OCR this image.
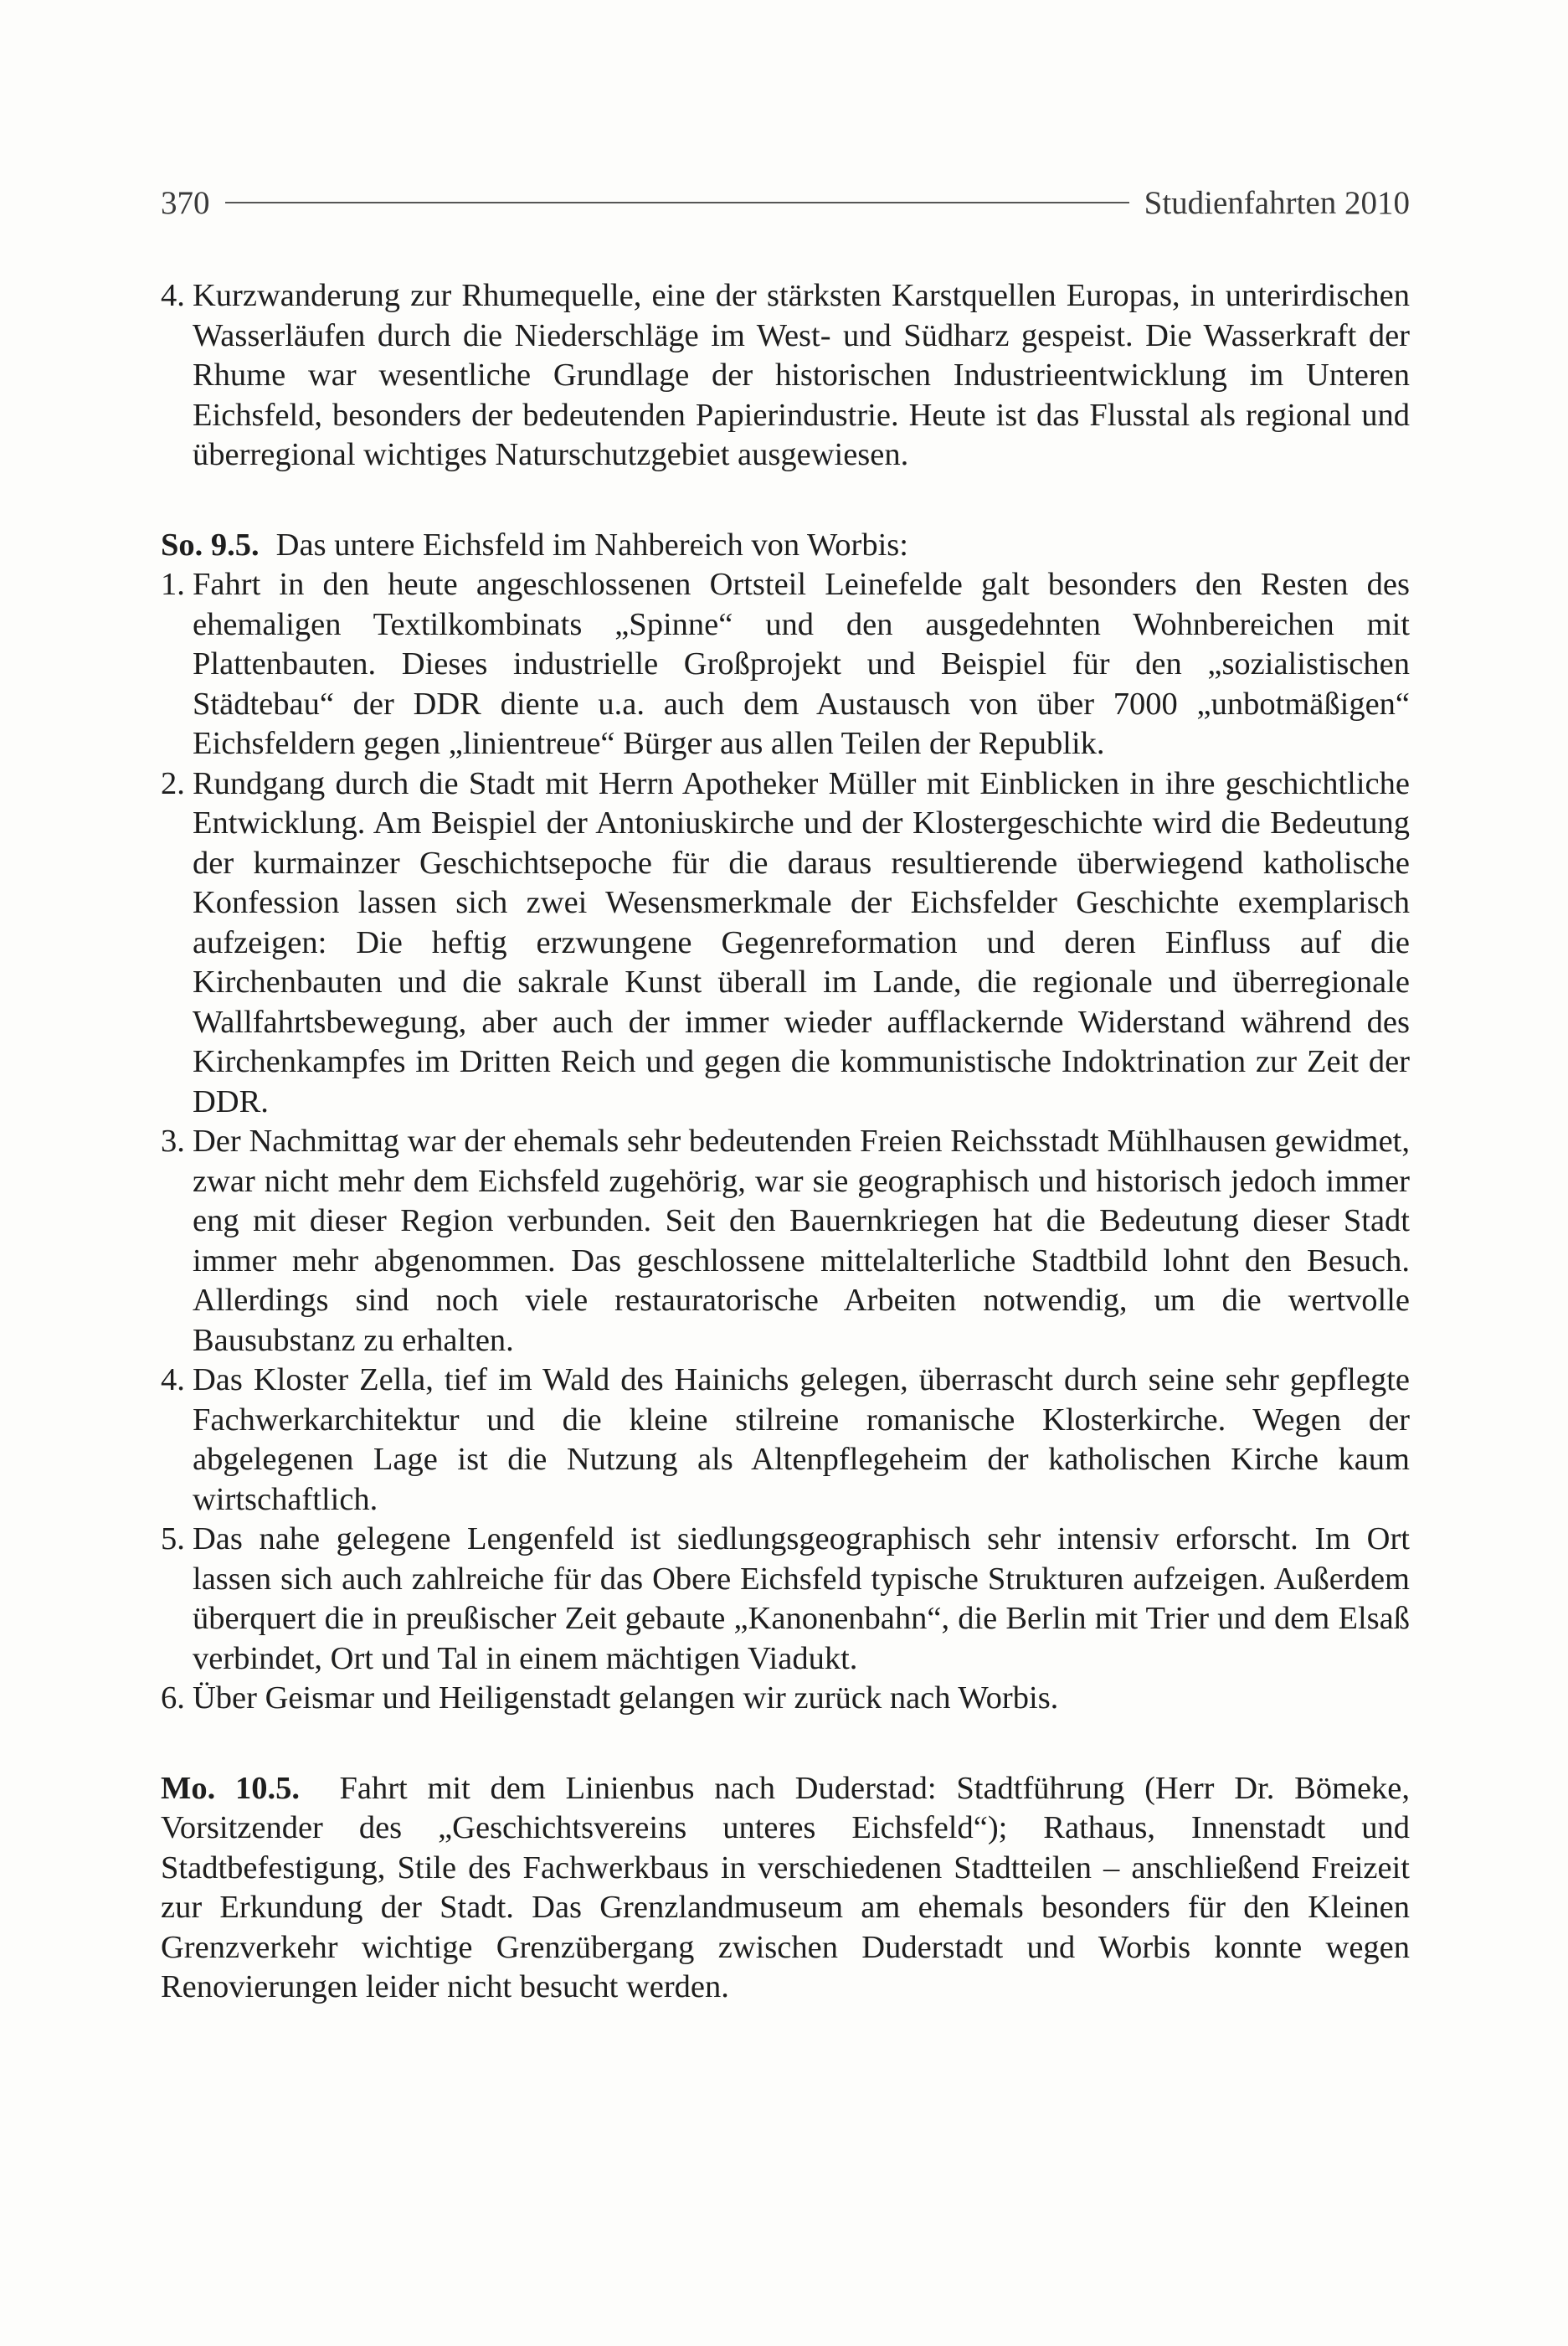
370	Studienfahrten 2010
4. Kurzwanderung zur Rhumequelle, eine der stärksten Karstquellen Europas, in unterirdischen Wasserläufen durch die Niederschläge im West- und Südharz gespeist. Die Wasserkraft der Rhume war wesentliche Grundlage der historischen Industrieentwicklung im Unteren Eichsfeld, besonders der bedeutenden Papierindustrie. Heute ist das Flusstal als regional und überregional wichtiges Naturschutzgebiet ausgewiesen.
So. 9.5. Das untere Eichsfeld im Nahbereich von Worbis:
1. Fahrt in den heute angeschlossenen Ortsteil Leinefelde galt besonders den Resten des ehemaligen Textilkombinats „Spinne“ und den ausgedehnten Wohnbereichen mit Plattenbauten. Dieses industrielle Großprojekt und Beispiel für den „sozialistischen Städtebau“ der DDR diente u.a. auch dem Austausch von über 7000 „unbotmäßigen“ Eichsfeldern gegen „linientreue“ Bürger aus allen Teilen der Republik.
2. Rundgang durch die Stadt mit Herrn Apotheker Müller mit Einblicken in ihre geschichtliche Entwicklung. Am Beispiel der Antoniuskirche und der Klostergeschichte wird die Bedeutung der kurmainzer Geschichtsepoche für die daraus resultierende überwiegend katholische Konfession lassen sich zwei Wesensmerkmale der Eichsfelder Geschichte exemplarisch aufzeigen: Die heftig erzwungene Gegenreformation und deren Einfluss auf die Kirchenbauten und die sakrale Kunst überall im Lande, die regionale und überregionale Wallfahrtsbewegung, aber auch der immer wieder aufflackernde Widerstand während des Kirchenkampfes im Dritten Reich und gegen die kommunistische Indoktrination zur Zeit der DDR.
3. Der Nachmittag war der ehemals sehr bedeutenden Freien Reichsstadt Mühlhausen gewidmet, zwar nicht mehr dem Eichsfeld zugehörig, war sie geographisch und historisch jedoch immer eng mit dieser Region verbunden. Seit den Bauernkriegen hat die Bedeutung dieser Stadt immer mehr abgenommen. Das geschlossene mittelalterliche Stadtbild lohnt den Besuch. Allerdings sind noch viele restauratorische Arbeiten notwendig, um die wertvolle Bausubstanz zu erhalten.
4. Das Kloster Zella, tief im Wald des Hainichs gelegen, überrascht durch seine sehr gepflegte Fachwerkarchitektur und die kleine stilreine romanische Klosterkirche. Wegen der abgelegenen Lage ist die Nutzung als Altenpflegeheim der katholischen Kirche kaum wirtschaftlich.
5. Das nahe gelegene Lengenfeld ist siedlungsgeographisch sehr intensiv erforscht. Im Ort lassen sich auch zahlreiche für das Obere Eichsfeld typische Strukturen aufzeigen. Außerdem überquert die in preußischer Zeit gebaute „Kanonenbahn“, die Berlin mit Trier und dem Elsaß verbindet, Ort und Tal in einem mächtigen Viadukt.
6. Über Geismar und Heiligenstadt gelangen wir zurück nach Worbis.
Mo. 10.5. Fahrt mit dem Linienbus nach Duderstad: Stadtführung (Herr Dr. Bömeke, Vorsitzender des „Geschichtsvereins unteres Eichsfeld“); Rathaus, Innenstadt und Stadtbefestigung, Stile des Fachwerkbaus in verschiedenen Stadtteilen – anschließend Freizeit zur Erkundung der Stadt. Das Grenzlandmuseum am ehemals besonders für den Kleinen Grenzverkehr wichtige Grenzübergang zwischen Duderstadt und Worbis konnte wegen Renovierungen leider nicht besucht werden.
